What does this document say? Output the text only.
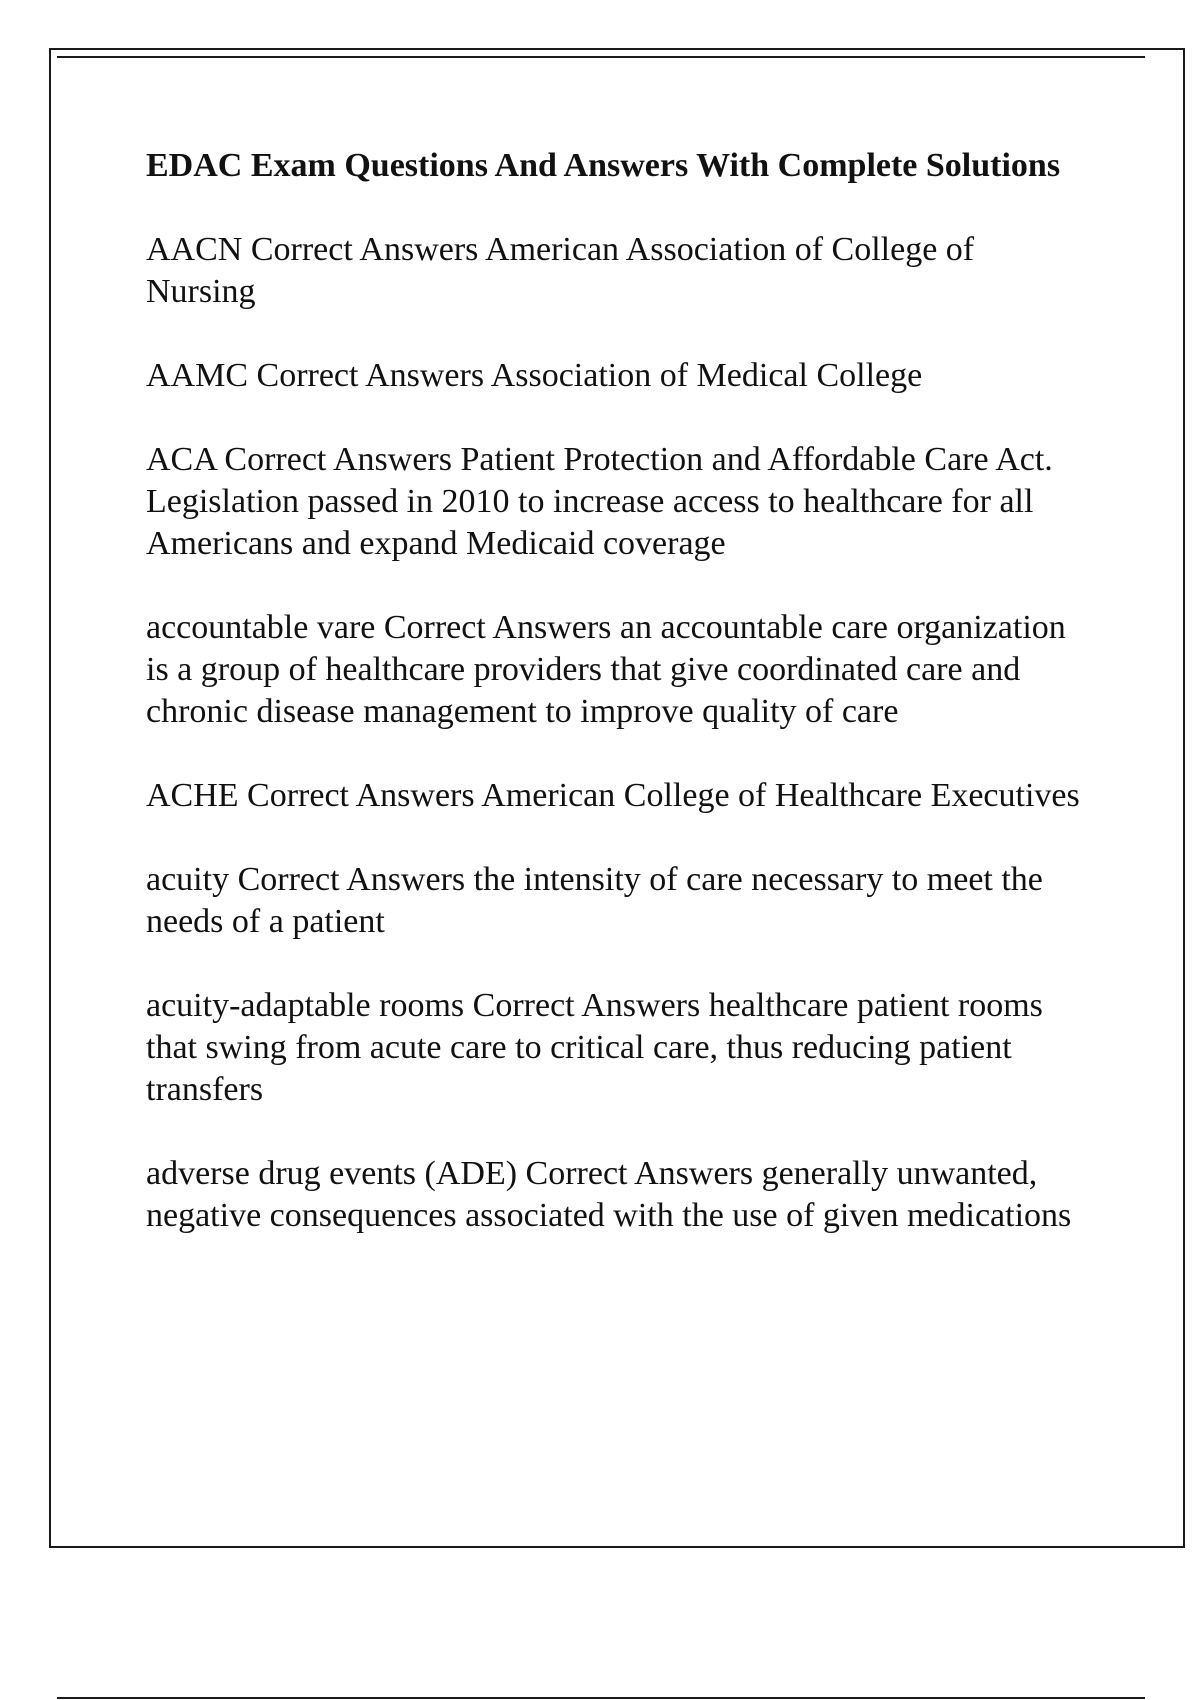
EDAC Exam Questions And Answers With Complete Solutions
AACN Correct Answers American Association of College of Nursing
AAMC Correct Answers Association of Medical College
ACA Correct Answers Patient Protection and Affordable Care Act. Legislation passed in 2010 to increase access to healthcare for all Americans and expand Medicaid coverage
accountable vare Correct Answers an accountable care organization is a group of healthcare providers that give coordinated care and chronic disease management to improve quality of care
ACHE Correct Answers American College of Healthcare Executives
acuity Correct Answers the intensity of care necessary to meet the needs of a patient
acuity-adaptable rooms Correct Answers healthcare patient rooms that swing from acute care to critical care, thus reducing patient transfers
adverse drug events (ADE) Correct Answers generally unwanted, negative consequences associated with the use of given medications
